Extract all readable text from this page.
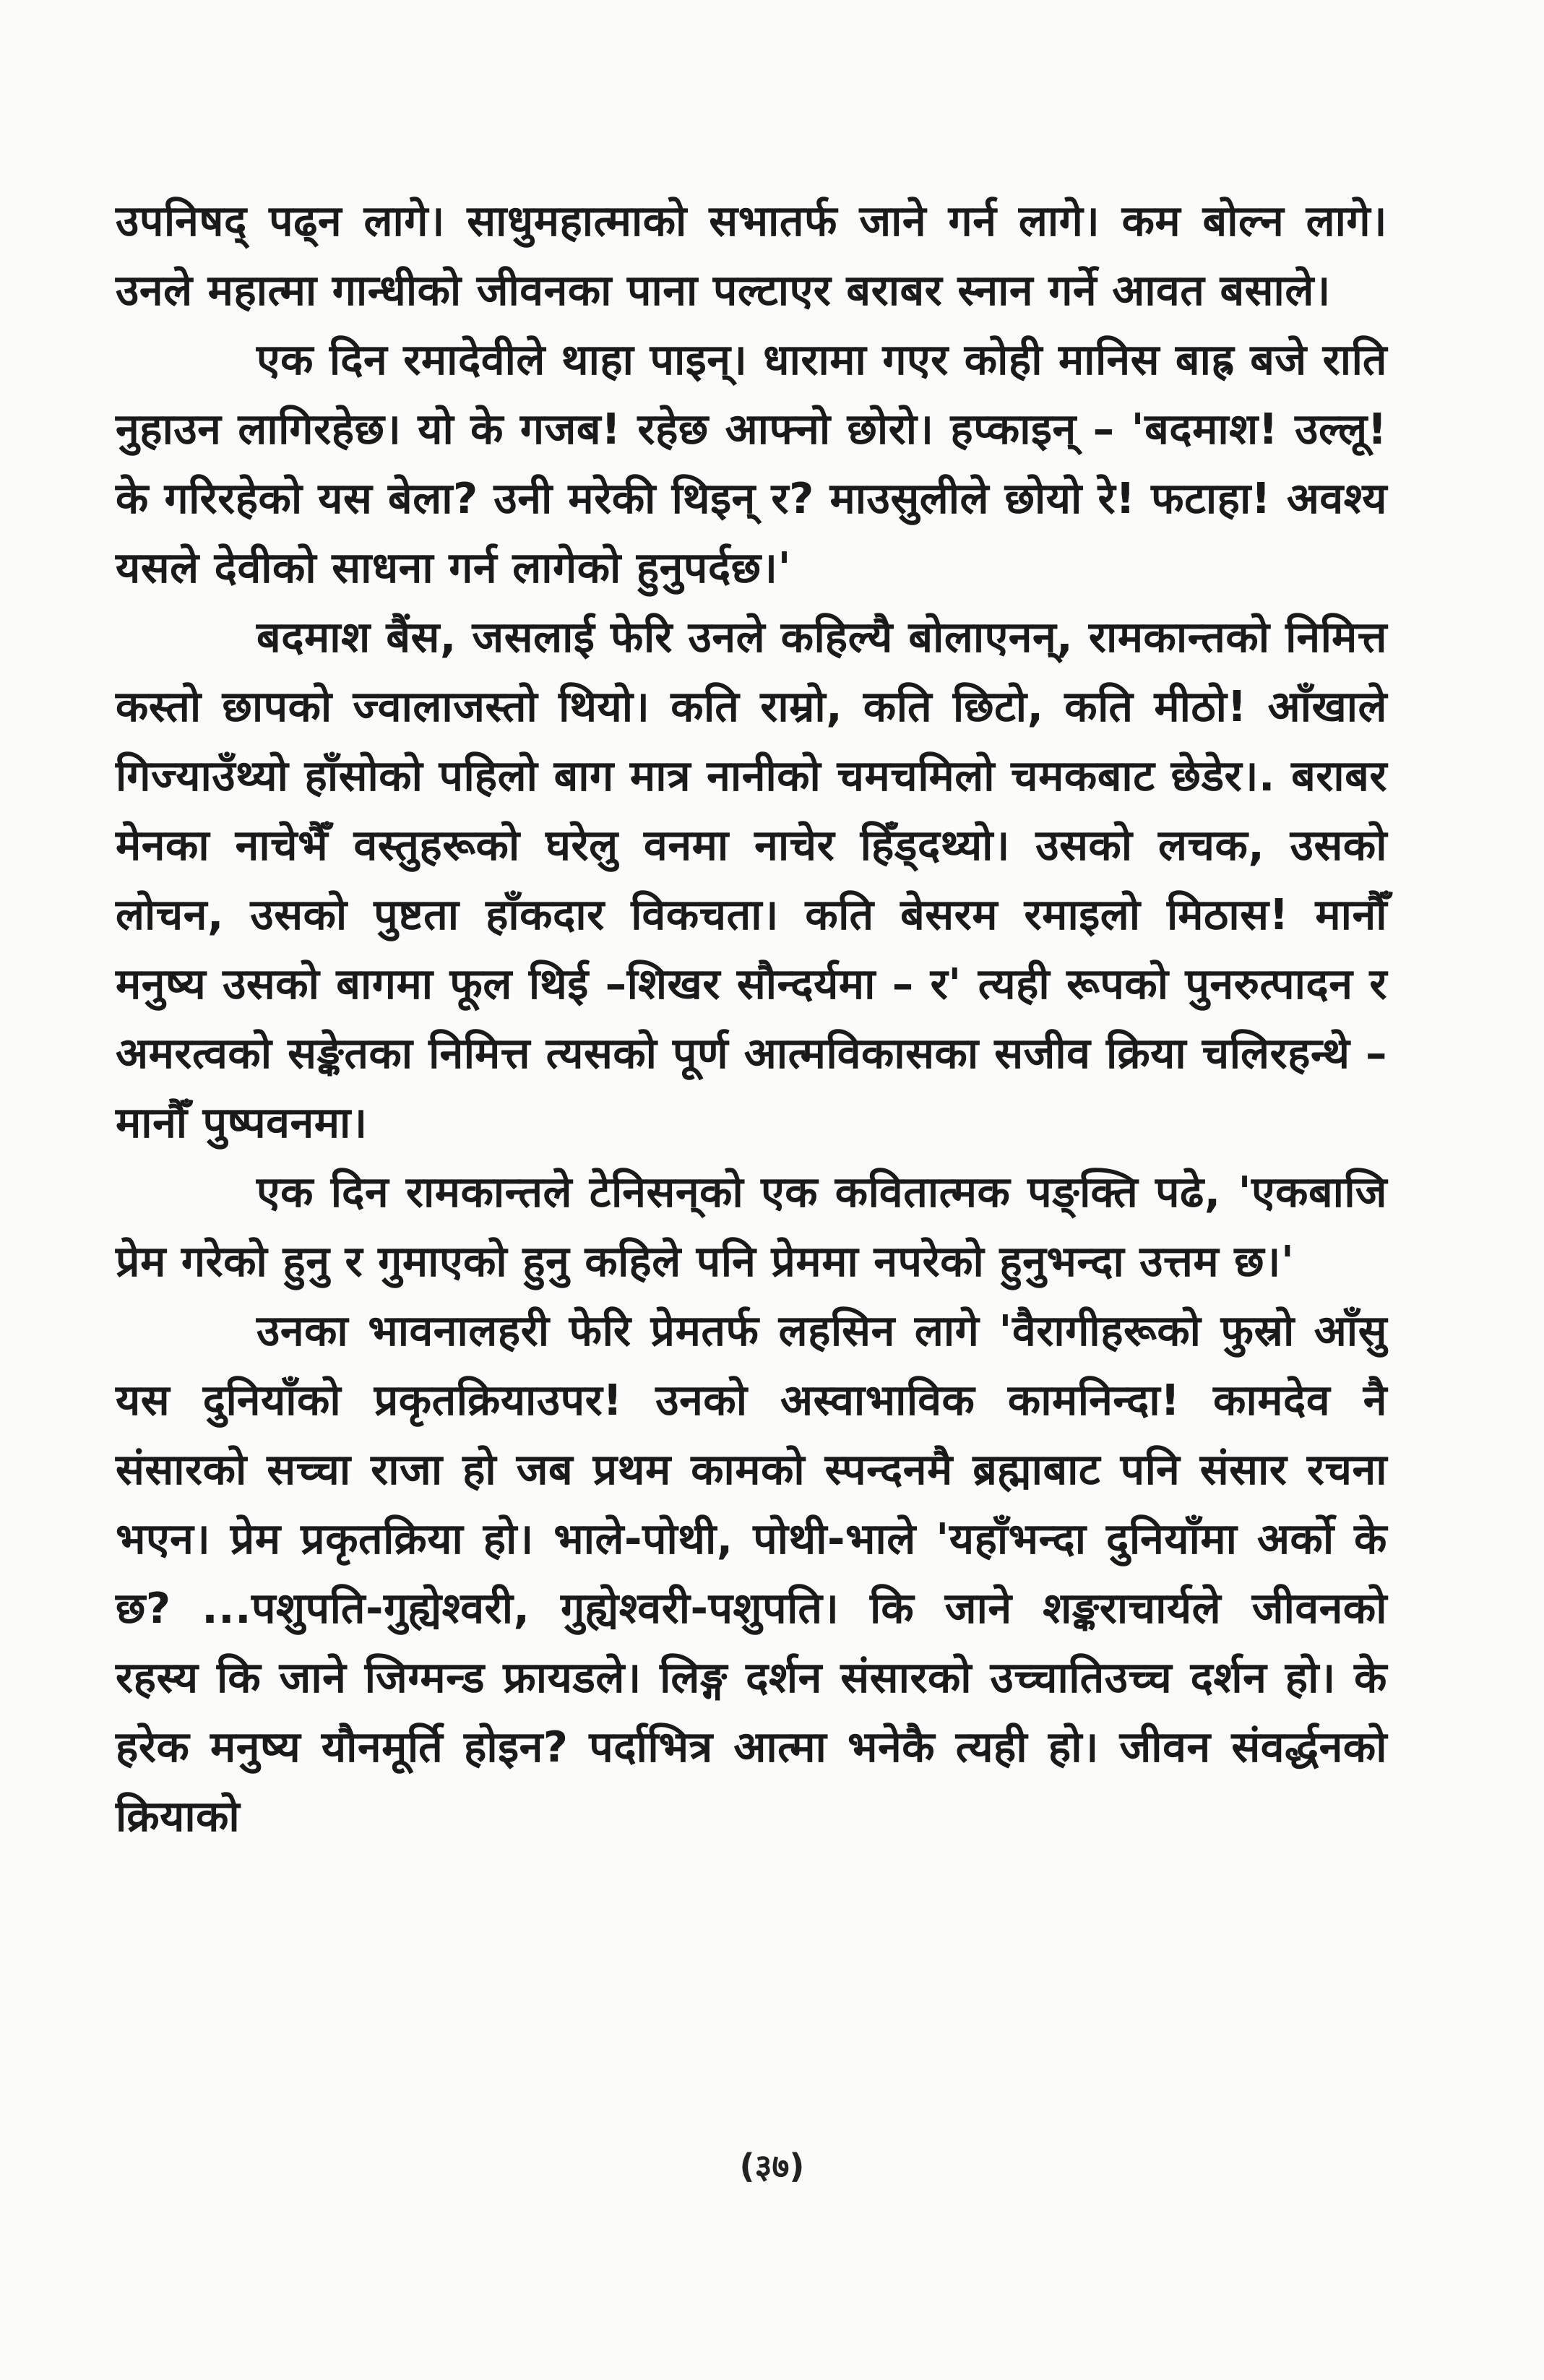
उपनिषद् पढ्न लागे। साधुमहात्माको सभातर्फ जाने गर्न लागे। कम बोल्न लागे। उनले महात्मा गान्धीको जीवनका पाना पल्टाएर बराबर स्नान गर्ने आवत बसाले।

एक दिन रमादेवीले थाहा पाइन्। धारामा गएर कोही मानिस बाह्र बजे राति नुहाउन लागिरहेछ। यो के गजब! रहेछ आफ्नो छोरो। हप्काइन् – 'बदमाश! उल्लू! के गरिरहेको यस बेला? उनी मरेकी थिइन् र? माउसुलीले छोयो रे! फटाहा! अवश्य यसले देवीको साधना गर्न लागेको हुनुपर्दछ।'

बदमाश बैंस, जसलाई फेरि उनले कहिल्यै बोलाएनन्, रामकान्तको निमित्त कस्तो छापको ज्वालाजस्तो थियो। कति राम्रो, कति छिटो, कति मीठो! आँखाले गिज्याउँथ्यो हाँसोको पहिलो बाग मात्र नानीको चमचमिलो चमकबाट छेडेर।. बराबर मेनका नाचेभैँ वस्तुहरूको घरेलु वनमा नाचेर हिँड्दथ्यो। उसको लचक, उसको लोचन, उसको पुष्टता हाँकदार विकचता। कति बेसरम रमाइलो मिठास! मानौँ मनुष्य उसको बागमा फूल थिई –शिखर सौन्दर्यमा – र' त्यही रूपको पुनरुत्पादन र अमरत्वको सङ्केतका निमित्त त्यसको पूर्ण आत्मविकासका सजीव क्रिया चलिरहन्थे – मानौँ पुष्पवनमा।

एक दिन रामकान्तले टेनिसन्‌को एक कवितात्मक पङ्क्ति पढे, 'एकबाजि प्रेम गरेको हुनु र गुमाएको हुनु कहिले पनि प्रेममा नपरेको हुनुभन्दा उत्तम छ।'

उनका भावनालहरी फेरि प्रेमतर्फ लहसिन लागे 'वैरागीहरूको फुस्रो आँसु यस दुनियाँको प्रकृतक्रियाउपर! उनको अस्वाभाविक कामनिन्दा! कामदेव नै संसारको सच्चा राजा हो जब प्रथम कामको स्पन्दनमै ब्रह्माबाट पनि संसार रचना भएन। प्रेम प्रकृतक्रिया हो। भाले-पोथी, पोथी-भाले 'यहाँभन्दा दुनियाँमा अर्को के छ? ...पशुपति-गुह्येश्वरी, गुह्येश्वरी-पशुपति। कि जाने शङ्कराचार्यले जीवनको रहस्य कि जाने जिग्मन्ड फ्रायडले। लिङ्ग दर्शन संसारको उच्चातिउच्च दर्शन हो। के हरेक मनुष्य यौनमूर्ति होइन? पर्दाभित्र आत्मा भनेकै त्यही हो। जीवन संवर्द्धनको क्रियाको

(३७)
